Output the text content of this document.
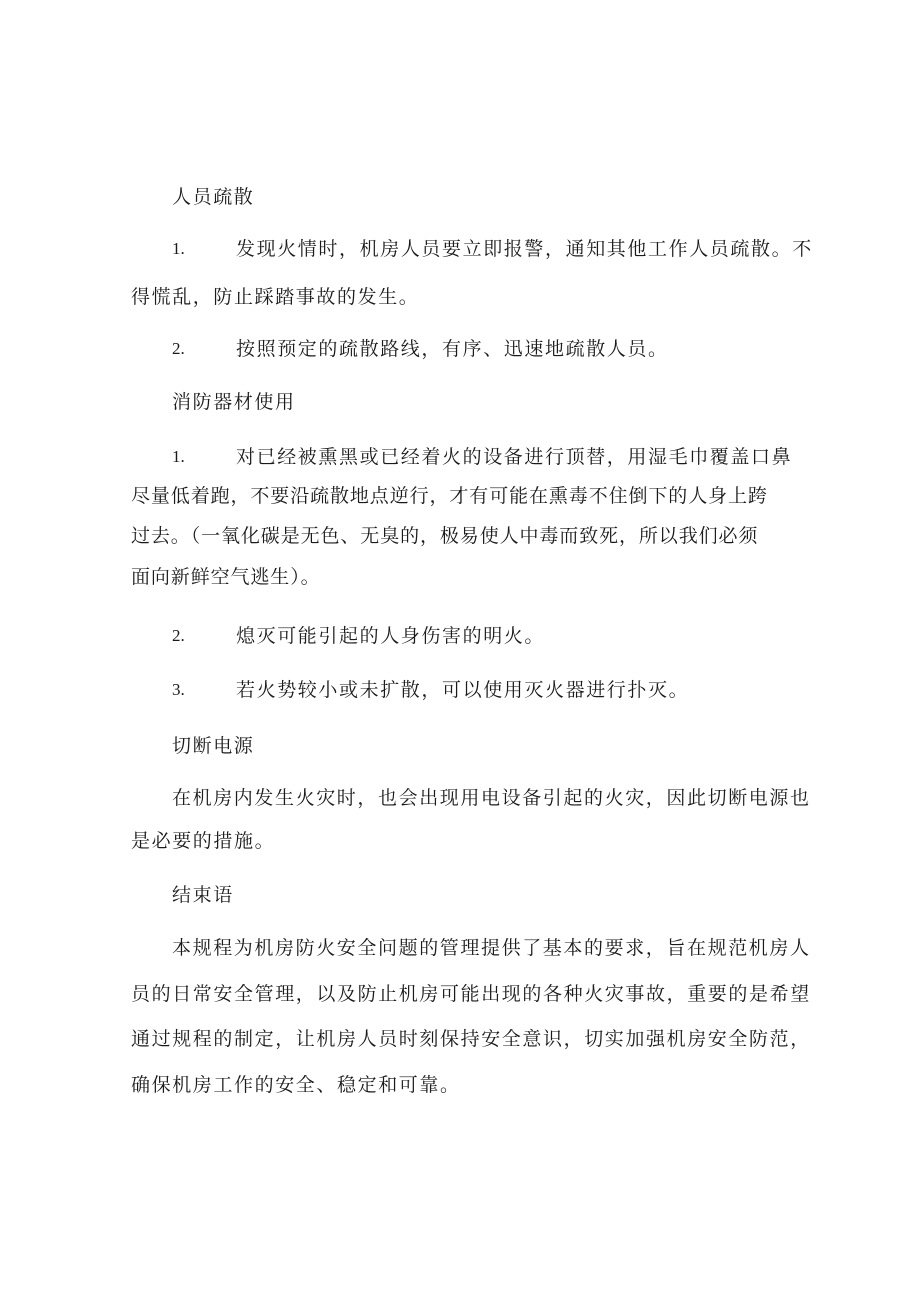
人员疏散
1.	发现火情时，机房人员要立即报警，通知其他工作人员疏散。不
得慌乱，防止踩踏事故的发生。
2.	按照预定的疏散路线，有序、迅速地疏散人员。
消防器材使用
1.	对已经被熏黑或已经着火的设备进行顶替，用湿毛巾覆盖口鼻
尽量低着跑，不要沿疏散地点逆行，才有可能在熏毒不住倒下的人身上跨
过去。（一氧化碳是无色、无臭的，极易使人中毒而致死，所以我们必须
面向新鲜空气逃生）。
2.	熄灭可能引起的人身伤害的明火。
3.	若火势较小或未扩散，可以使用灭火器进行扑灭。
切断电源
在机房内发生火灾时，也会出现用电设备引起的火灾，因此切断电源也
是必要的措施。
结束语
本规程为机房防火安全问题的管理提供了基本的要求，旨在规范机房人
员的日常安全管理，以及防止机房可能出现的各种火灾事故，重要的是希望
通过规程的制定，让机房人员时刻保持安全意识，切实加强机房安全防范，
确保机房工作的安全、稳定和可靠。
